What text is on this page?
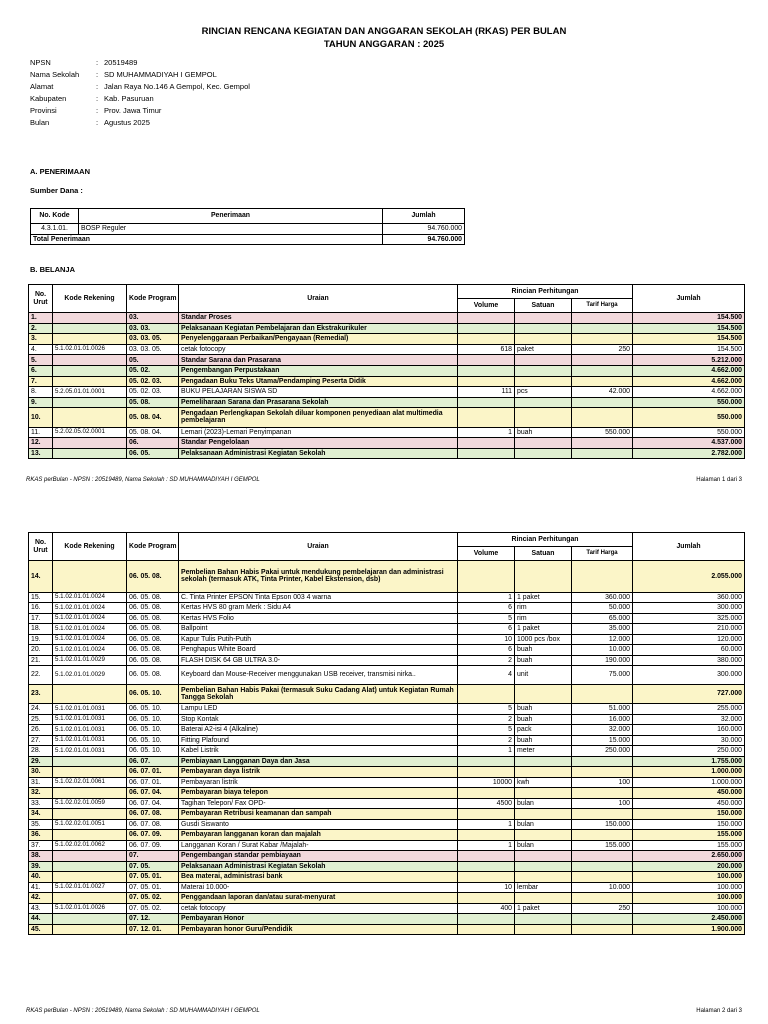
RINCIAN RENCANA KEGIATAN DAN ANGGARAN SEKOLAH (RKAS) PER BULAN
TAHUN ANGGARAN : 2025
NPSN	: 20519489
Nama Sekolah	: SD MUHAMMADIYAH I GEMPOL
Alamat	: Jalan Raya No.146 A Gempol, Kec. Gempol
Kabupaten	: Kab. Pasuruan
Provinsi	: Prov. Jawa Timur
Bulan	: Agustus 2025
A. PENERIMAAN
Sumber Dana :
No. Kode	Penerimaan	Jumlah
4.3.1.01.	BOSP Reguler	94.760.000
Total Penerimaan		94.760.000
B. BELANJA
No. Urut	Kode Rekening	Kode Program	Uraian	Rincian Perhitungan			Jumlah
				Volume	Satuan	Tarif Harga	
1.		03.	Standar Proses				154.500
2.		03. 03.	Pelaksanaan Kegiatan Pembelajaran dan Ekstrakurikuler				154.500
3.		03. 03. 05.	Penyelenggaraan Perbaikan/Pengayaan (Remedial)				154.500
4.	5.1.02.01.01.0026	03. 03. 05.	cetak fotocopy	618	paket	250	154.500
5.		05.	Standar Sarana dan Prasarana				5.212.000
6.		05. 02.	Pengembangan Perpustakaan				4.662.000
7.		05. 02. 03.	Pengadaan Buku Teks Utama/Pendamping Peserta Didik				4.662.000
8.	5.2.05.01.01.0001	05. 02. 03.	BUKU PELAJARAN SISWA SD	111	pcs	42.000	4.662.000
9.		05. 08.	Pemeliharaan Sarana dan Prasarana Sekolah				550.000
10.		05. 08. 04.	Pengadaan Perlengkapan Sekolah diluar komponen penyediaan alat multimedia pembelajaran				550.000
11.	5.2.02.05.02.0001	05. 08. 04.	Lemari (2023)-Lemari Penyimpanan	1	buah	550.000	550.000
12.		06.	Standar Pengelolaan				4.537.000
13.		06. 05.	Pelaksanaan Administrasi Kegiatan Sekolah				2.782.000
RKAS perBulan - NPSN : 20519489, Nama Sekolah : SD MUHAMMADIYAH I GEMPOL	Halaman 1 dari 3
No. Urut	Kode Rekening	Kode Program	Uraian	Rincian Perhitungan			Jumlah
				Volume	Satuan	Tarif Harga	
14.		06. 05. 08.	Pembelian Bahan Habis Pakai untuk mendukung pembelajaran dan administrasi sekolah (termasuk ATK, Tinta Printer, Kabel Ekstension, dsb)				2.055.000
15.	5.1.02.01.01.0024	06. 05. 08.	C. Tinta Printer EPSON Tinta Epson 003 4 warna	1	1 paket	360.000	360.000
16.	5.1.02.01.01.0024	06. 05. 08.	Kertas HVS 80 gram Merk : Sidu A4	6	rim	50.000	300.000
17.	5.1.02.01.01.0024	06. 05. 08.	Kertas HVS Folio	5	rim	65.000	325.000
18.	5.1.02.01.01.0024	06. 05. 08.	Ballpoint	6	1 paket	35.000	210.000
19.	5.1.02.01.01.0024	06. 05. 08.	Kapur Tulis Putih-Putih	10	1000 pcs /box	12.000	120.000
20.	5.1.02.01.01.0024	06. 05. 08.	Penghapus White Board	6	buah	10.000	60.000
21.	5.1.02.01.01.0029	06. 05. 08.	FLASH DISK 64 GB ULTRA 3.0-	2	buah	190.000	380.000
22.	5.1.02.01.01.0029	06. 05. 08.	Keyboard dan Mouse-Receiver menggunakan USB receiver, transmisi nirka..	4	unit	75.000	300.000
23.		06. 05. 10.	Pembelian Bahan Habis Pakai (termasuk Suku Cadang Alat) untuk Kegiatan Rumah Tangga Sekolah				727.000
24.	5.1.02.01.01.0031	06. 05. 10.	Lampu LED	5	buah	51.000	255.000
25.	5.1.02.01.01.0031	06. 05. 10.	Stop Kontak	2	buah	16.000	32.000
26.	5.1.02.01.01.0031	06. 05. 10.	Baterai A2-isi 4 (Alkaline)	5	pack	32.000	160.000
27.	5.1.02.01.01.0031	06. 05. 10.	Fitting Plafound	2	buah	15.000	30.000
28.	5.1.02.01.01.0031	06. 05. 10.	Kabel Listrik	1	meter	250.000	250.000
29.		06. 07.	Pembiayaan Langganan Daya dan Jasa				1.755.000
30.		06. 07. 01.	Pembayaran daya listrik				1.000.000
31.	5.1.02.02.01.0061	06. 07. 01.	Pembayaran listrik	10000	kwh	100	1.000.000
32.		06. 07. 04.	Pembayaran biaya telepon				450.000
33.	5.1.02.02.01.0059	06. 07. 04.	Tagihan Telepon/ Fax OPD-	4500	bulan	100	450.000
34.		06. 07. 08.	Pembayaran Retribusi keamanan dan sampah				150.000
35.	5.1.02.02.01.0051	06. 07. 08.	Gusdi Siswanto	1	bulan	150.000	150.000
36.		06. 07. 09.	Pembayaran langganan koran dan majalah				155.000
37.	5.1.02.02.01.0062	06. 07. 09.	Langganan Koran / Surat Kabar /Majalah-	1	bulan	155.000	155.000
38.		07.	Pengembangan standar pembiayaan				2.650.000
39.		07. 05.	Pelaksanaan Administrasi Kegiatan Sekolah				200.000
40.		07. 05. 01.	Bea materai, administrasi bank				100.000
41.	5.1.02.01.01.0027	07. 05. 01.	Materai 10.000-	10	lembar	10.000	100.000
42.		07. 05. 02.	Penggandaan laporan dan/atau surat-menyurat				100.000
43.	5.1.02.01.01.0026	07. 05. 02.	cetak fotocopy	400	1 paket	250	100.000
44.		07. 12.	Pembayaran Honor				2.450.000
45.		07. 12. 01.	Pembayaran honor Guru/Pendidik				1.900.000
RKAS perBulan - NPSN : 20519489, Nama Sekolah : SD MUHAMMADIYAH I GEMPOL	Halaman 2 dari 3
